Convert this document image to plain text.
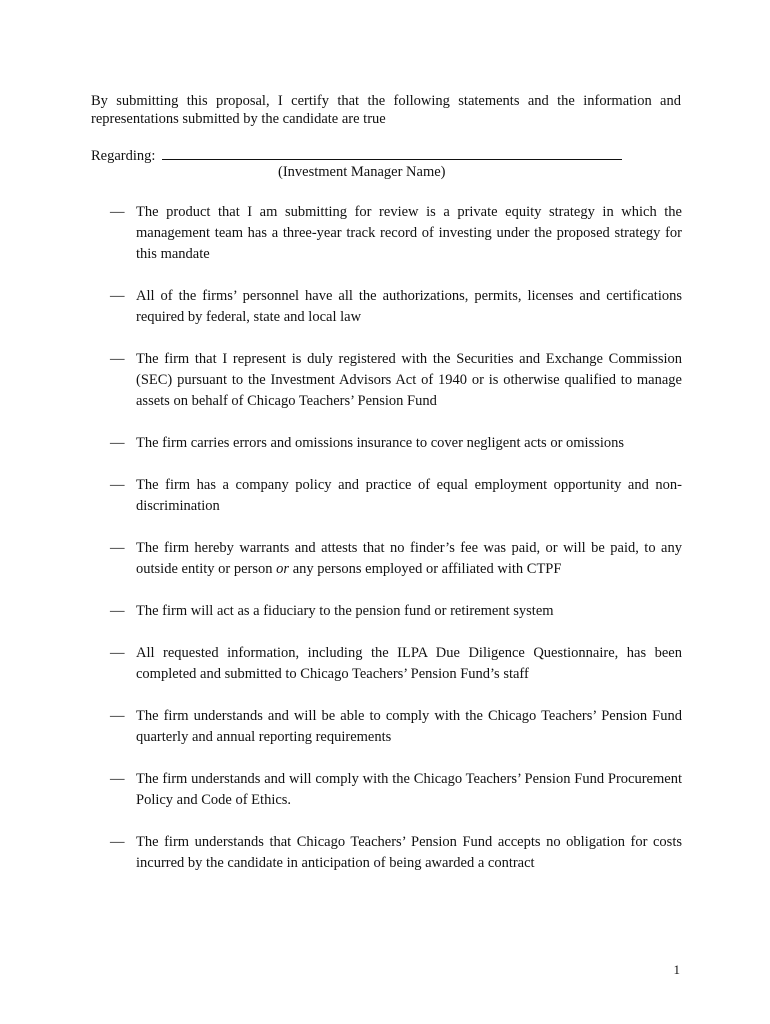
By submitting this proposal, I certify that the following statements and the information and representations submitted by the candidate are true
Regarding:
(Investment Manager Name)
— The product that I am submitting for review is a private equity strategy in which the management team has a three-year track record of investing under the proposed strategy for this mandate
— All of the firms’ personnel have all the authorizations, permits, licenses and certifications required by federal, state and local law
— The firm that I represent is duly registered with the Securities and Exchange Commission (SEC) pursuant to the Investment Advisors Act of 1940 or is otherwise qualified to manage assets on behalf of Chicago Teachers’ Pension Fund
— The firm carries errors and omissions insurance to cover negligent acts or omissions
— The firm has a company policy and practice of equal employment opportunity and non-discrimination
— The firm hereby warrants and attests that no finder’s fee was paid, or will be paid, to any outside entity or person or any persons employed or affiliated with CTPF
— The firm will act as a fiduciary to the pension fund or retirement system
— All requested information, including the ILPA Due Diligence Questionnaire, has been completed and submitted to Chicago Teachers’ Pension Fund’s staff
— The firm understands and will be able to comply with the Chicago Teachers’ Pension Fund quarterly and annual reporting requirements
— The firm understands and will comply with the Chicago Teachers’ Pension Fund Procurement Policy and Code of Ethics.
— The firm understands that Chicago Teachers’ Pension Fund accepts no obligation for costs incurred by the candidate in anticipation of being awarded a contract
1
